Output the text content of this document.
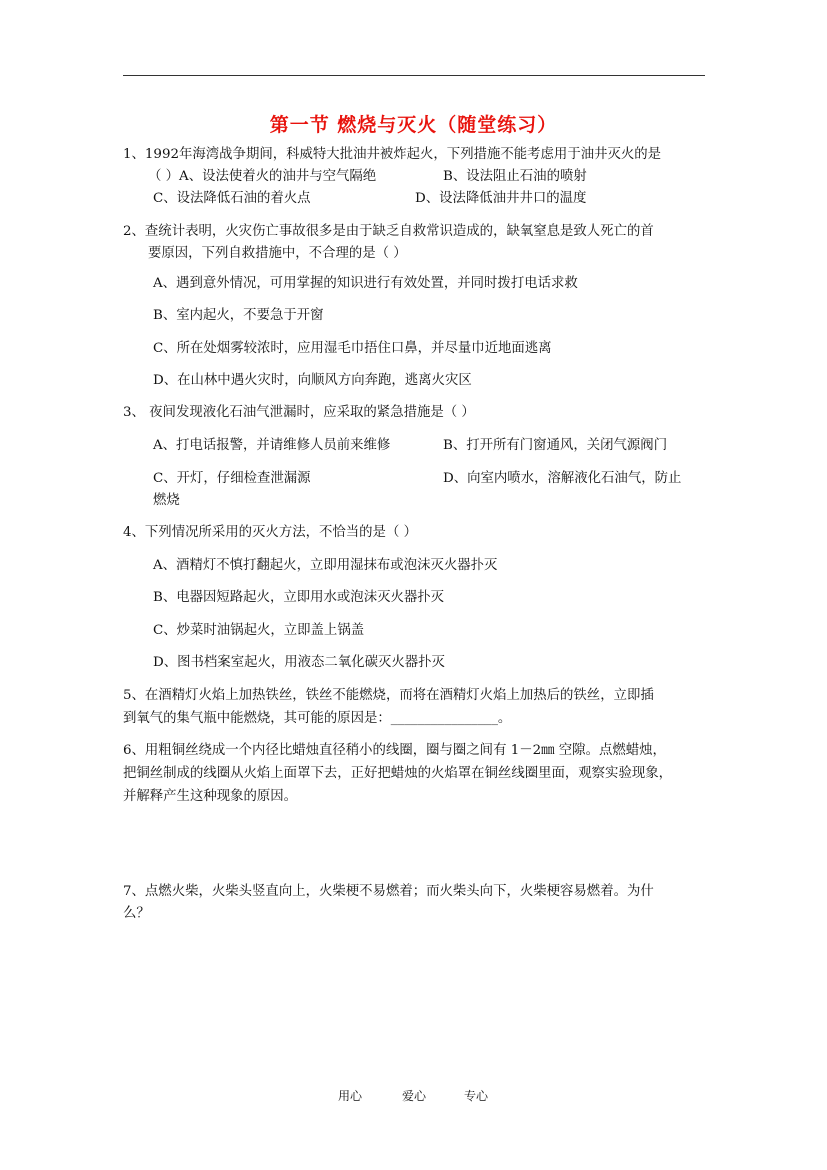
第一节 燃烧与灭火（随堂练习）
1、1992年海湾战争期间，科威特大批油井被炸起火，下列措施不能考虑用于油井灭火的是
（ ）A、设法使着火的油井与空气隔绝	B、设法阻止石油的喷射
C、设法降低石油的着火点	D、设法降低油井井口的温度
2、查统计表明，火灾伤亡事故很多是由于缺乏自救常识造成的，缺氧窒息是致人死亡的首
要原因，下列自救措施中，不合理的是（ ）
A、遇到意外情况，可用掌握的知识进行有效处置，并同时拨打电话求救
B、室内起火，不要急于开窗
C、所在处烟雾较浓时，应用湿毛巾捂住口鼻，并尽量巾近地面逃离
D、在山林中遇火灾时，向顺风方向奔跑，逃离火灾区
3、 夜间发现液化石油气泄漏时，应采取的紧急措施是（ ）
A、打电话报警，并请维修人员前来维修	B、打开所有门窗通风，关闭气源阀门
C、开灯，仔细检查泄漏源	D、向室内喷水，溶解液化石油气，防止
燃烧
4、下列情况所采用的灭火方法，不恰当的是（ ）
A、酒精灯不慎打翻起火，立即用湿抹布或泡沫灭火器扑灭
B、电器因短路起火，立即用水或泡沫灭火器扑灭
C、炒菜时油锅起火，立即盖上锅盖
D、图书档案室起火，用液态二氧化碳灭火器扑灭
5、在酒精灯火焰上加热铁丝，铁丝不能燃烧，而将在酒精灯火焰上加热后的铁丝，立即插
到氧气的集气瓶中能燃烧，其可能的原因是：________________。
6、用粗铜丝绕成一个内径比蜡烛直径稍小的线圈，圈与圈之间有 1－2㎜ 空隙。点燃蜡烛，
把铜丝制成的线圈从火焰上面罩下去，正好把蜡烛的火焰罩在铜丝线圈里面，观察实验现象，
并解释产生这种现象的原因。
7、点燃火柴，火柴头竖直向上，火柴梗不易燃着；而火柴头向下，火柴梗容易燃着。为什
么？
用心	爱心	专心
